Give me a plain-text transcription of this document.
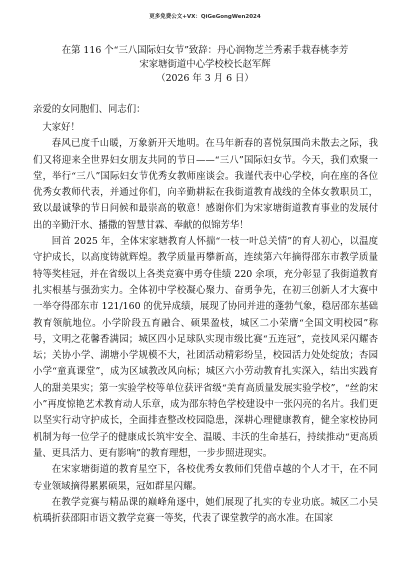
更多免费公文+VX：QiGeGongWen2024
在第 116 个“三八国际妇女节”致辞：丹心润物芝兰秀素手栽春桃李芳
宋家塘街道中心学校校长赵军辉
（2026 年 3 月 6 日）
亲爱的女同胞们、同志们：

大家好！

春风已度千山暖，万象新开天地明。在马年新春的喜悦氛围尚未散去之际，我们又将迎来全世界妇女朋友共同的节日——“三八”国际妇女节。今天，我们欢聚一堂，举行“三八”国际妇女节优秀女教师座谈会。我谨代表中心学校，向在座的各位优秀女教师代表，并通过你们，向辛勤耕耘在我街道教育战线的全体女教职员工，致以最诚挚的节日问候和最崇高的敬意！感谢你们为宋家塘街道教育事业的发展付出的辛勤汗水、播撒的智慧甘霖、奉献的似锦芳华！

回首 2025 年，全体宋家塘教育人怀揣“一枝一叶总关情”的育人初心，以温度守护成长，以高度铸就辉煌。教学质量再攀新高，连续第六年摘得邵东市教学质量特等奖桂冠，并在省级以上各类竞赛中勇夺佳绩 220 余项，充分彰显了我街道教育扎实根基与强劲实力。全体初中学校凝心聚力、奋勇争先，在初三创新人才大赛中一举夺得邵东市 121/160 的优异成绩，展现了协同并进的蓬勃气象，稳居邵东基础教育领航地位。小学阶段五育融合、硕果盈枝，城区二小荣膺“全国文明校园”称号，文明之花馨香满园；城区四小足球队实现市级比赛“五连冠”，竞技风采闪耀杏坛；关协小学、湖塘小学规模不大，社团活动精彩纷呈，校园活力处处绽放；杏园小学“童真课堂”，成为区域教改风向标；城区六小劳动教育扎实深入，结出实践育人的甜美果实；第一实验学校等单位获评省级“美育高质量发展实验学校”，“丝韵宋小”再度惊艳艺术教育动人乐章，成为邵东特色学校建设中一张闪亮的名片。我们更以坚实行动守护成长，全面排查整改校园隐患，深耕心理健康教育，健全家校协同机制为每一位学子的健康成长筑牢安全、温暖、丰沃的生命基石，持续推动“更高质量、更具活力、更有影响”的教育理想，一步步照进现实。

在宋家塘街道的教育星空下，各校优秀女教师们凭借卓越的个人才干，在不同专业领域摘得累累硕果，冠如群星闪耀。

在教学竞赛与精品课的巅峰角逐中，她们展现了扎实的专业功底。城区二小吴杭瑀折获邵阳市语文教学竞赛一等奖，代表了课堂教学的高水准。在国家
